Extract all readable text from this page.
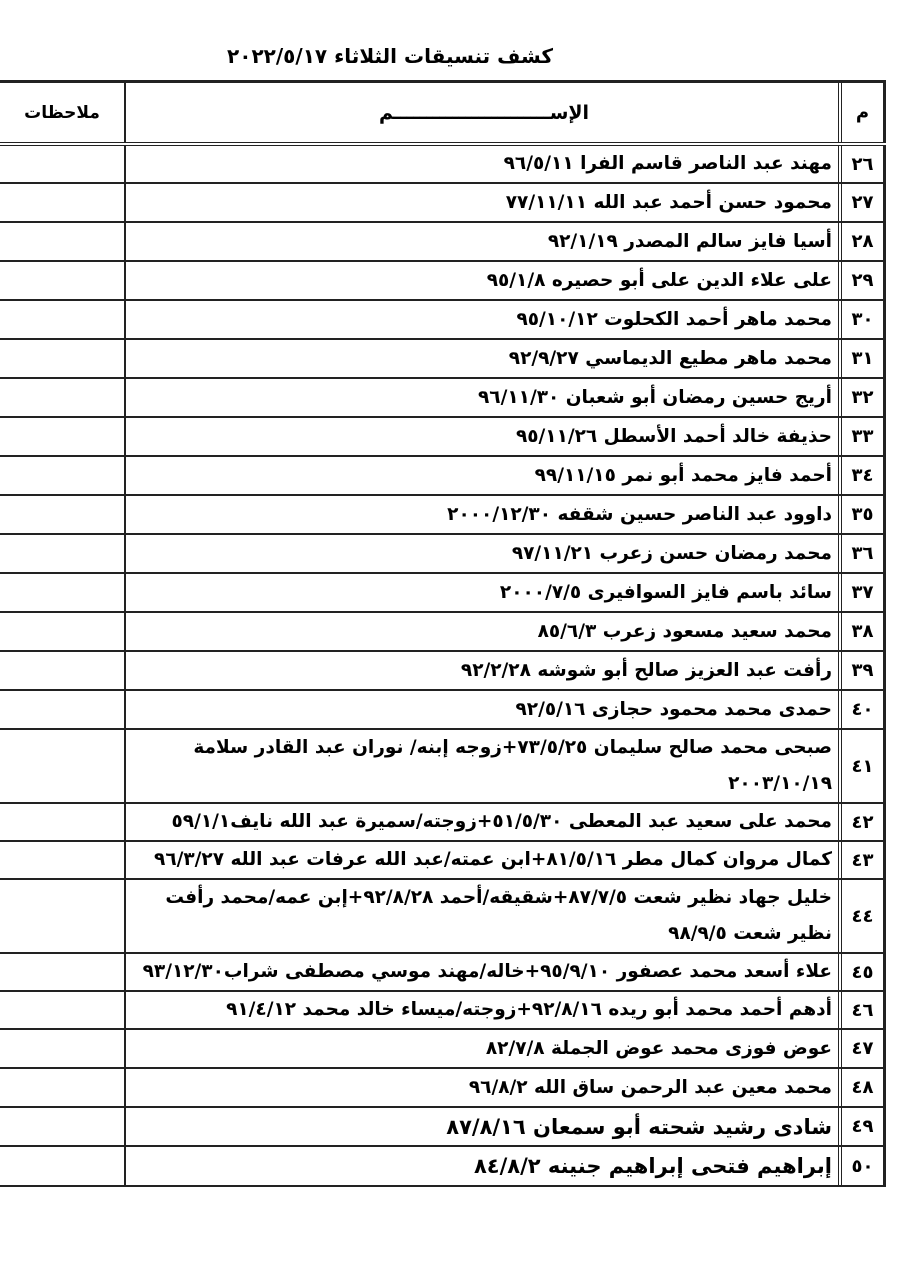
كشف تنسيقات الثلاثاء ٢٠٢٢/٥/١٧
م
الإســــــــــــــــــــــــم
ملاحظات
٢٦
مهند عبد الناصر قاسم الفرا ٩٦/٥/١١
٢٧
محمود حسن أحمد عبد الله ٧٧/١١/١١
٢٨
أسيا فايز سالم المصدر ٩٢/١/١٩
٢٩
على علاء الدين على أبو حصيره ٩٥/١/٨
٣٠
محمد ماهر أحمد الكحلوت ٩٥/١٠/١٢
٣١
محمد ماهر مطيع الديماسي ٩٢/٩/٢٧
٣٢
أريج حسين رمضان أبو شعبان ٩٦/١١/٣٠
٣٣
حذيفة خالد أحمد الأسطل ٩٥/١١/٢٦
٣٤
أحمد فايز محمد أبو نمر ٩٩/١١/١٥
٣٥
داوود عبد الناصر حسين شقفه ٢٠٠٠/١٢/٣٠
٣٦
محمد رمضان حسن زعرب ٩٧/١١/٢١
٣٧
سائد باسم فايز السوافيرى ٢٠٠٠/٧/٥
٣٨
محمد سعيد مسعود زعرب ٨٥/٦/٣
٣٩
رأفت عبد العزيز صالح أبو شوشه ٩٢/٢/٢٨
٤٠
حمدى محمد محمود حجازى ٩٢/٥/١٦
٤١
صبحى محمد صالح سليمان ٧٣/٥/٢٥+زوجه إبنه/ نوران عبد القادر سلامة ٢٠٠٣/١٠/١٩
٤٢
محمد على سعيد عبد المعطى ٥١/٥/٣٠+زوجته/سميرة عبد الله نايف٥٩/١/١
٤٣
كمال مروان كمال مطر ٨١/٥/١٦+ابن عمته/عبد الله عرفات عبد الله ٩٦/٣/٢٧
٤٤
خليل جهاد نظير شعت ٨٧/٧/٥+شقيقه/أحمد ٩٢/٨/٢٨+إبن عمه/محمد رأفت نظير شعت ٩٨/٩/٥
٤٥
علاء أسعد محمد عصفور ٩٥/٩/١٠+خاله/مهند موسي مصطفى شراب٩٣/١٢/٣٠
٤٦
أدهم أحمد محمد أبو ريده ٩٢/٨/١٦+زوجته/ميساء خالد محمد ٩١/٤/١٢
٤٧
عوض فوزى محمد عوض الجملة ٨٢/٧/٨
٤٨
محمد معين عبد الرحمن ساق الله ٩٦/٨/٢
٤٩
شادى رشيد شحته أبو سمعان ٨٧/٨/١٦
٥٠
إبراهيم فتحى إبراهيم جنينه ٨٤/٨/٢
